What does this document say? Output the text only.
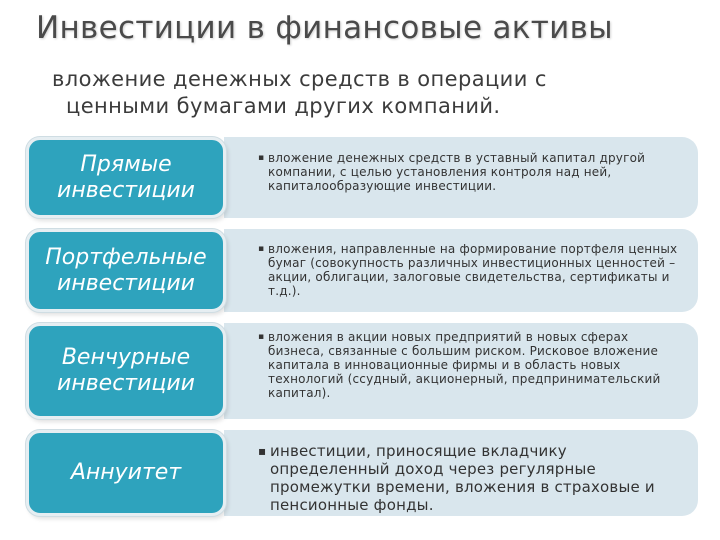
Инвестиции в финансовые активы
вложение денежных средств в операции с
ценными бумагами других компаний.
▪ вложение денежных средств в уставный капитал другой компании, с целью установления контроля над ней, капиталообразующие инвестиции.
Прямые инвестиции
▪ вложения, направленные на формирование портфеля ценных бумаг (совокупность различных инвестиционных ценностей – акции, облигации, залоговые свидетельства, сертификаты и т.д.).
Портфельные инвестиции
▪ вложения в акции новых предприятий в новых сферах бизнеса, связанные с большим риском. Рисковое вложение капитала в инновационные фирмы и в область новых технологий (ссудный, акционерный, предпринимательский капитал).
Венчурные инвестиции
▪ инвестиции, приносящие вкладчику определенный доход через регулярные промежутки времени, вложения в страховые и пенсионные фонды.
Аннуитет
